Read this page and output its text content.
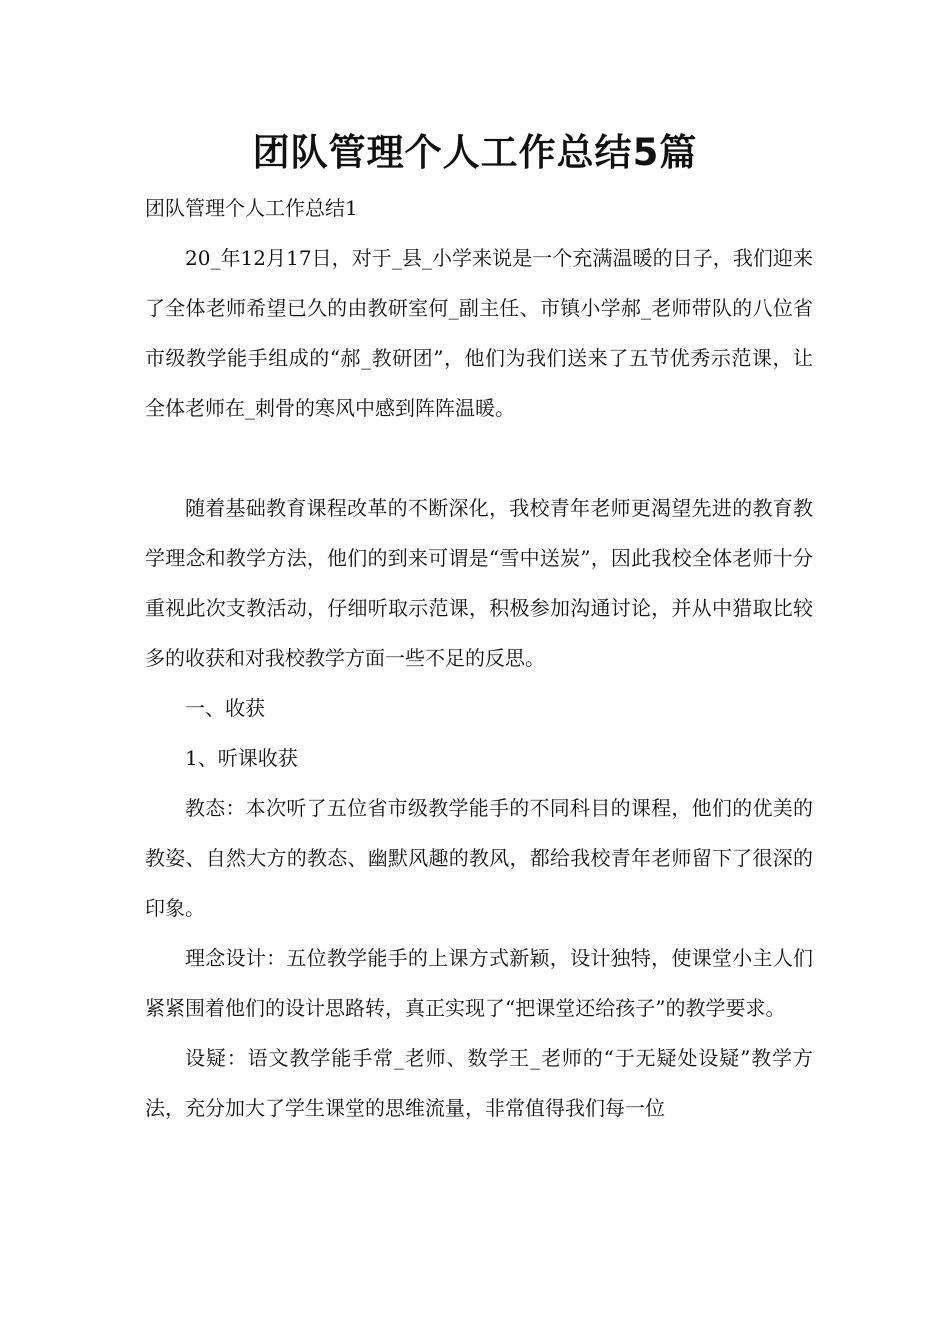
团队管理个人工作总结5篇

团队管理个人工作总结1

20_年12月17日，对于_县_小学来说是一个充满温暖的日子，我们迎来了全体老师希望已久的由教研室何_副主任、市镇小学郝_老师带队的八位省市级教学能手组成的“郝_教研团”，他们为我们送来了五节优秀示范课，让全体老师在_刺骨的寒风中感到阵阵温暖。

随着基础教育课程改革的不断深化，我校青年老师更渴望先进的教育教学理念和教学方法，他们的到来可谓是“雪中送炭”，因此我校全体老师十分重视此次支教活动，仔细听取示范课，积极参加沟通讨论，并从中猎取比较多的收获和对我校教学方面一些不足的反思。

一、收获

1、听课收获

教态：本次听了五位省市级教学能手的不同科目的课程，他们的优美的教姿、自然大方的教态、幽默风趣的教风，都给我校青年老师留下了很深的印象。

理念设计：五位教学能手的上课方式新颖，设计独特，使课堂小主人们紧紧围着他们的设计思路转，真正实现了“把课堂还给孩子”的教学要求。

设疑：语文教学能手常_老师、数学王_老师的“于无疑处设疑”教学方法，充分加大了学生课堂的思维流量，非常值得我们每一位
